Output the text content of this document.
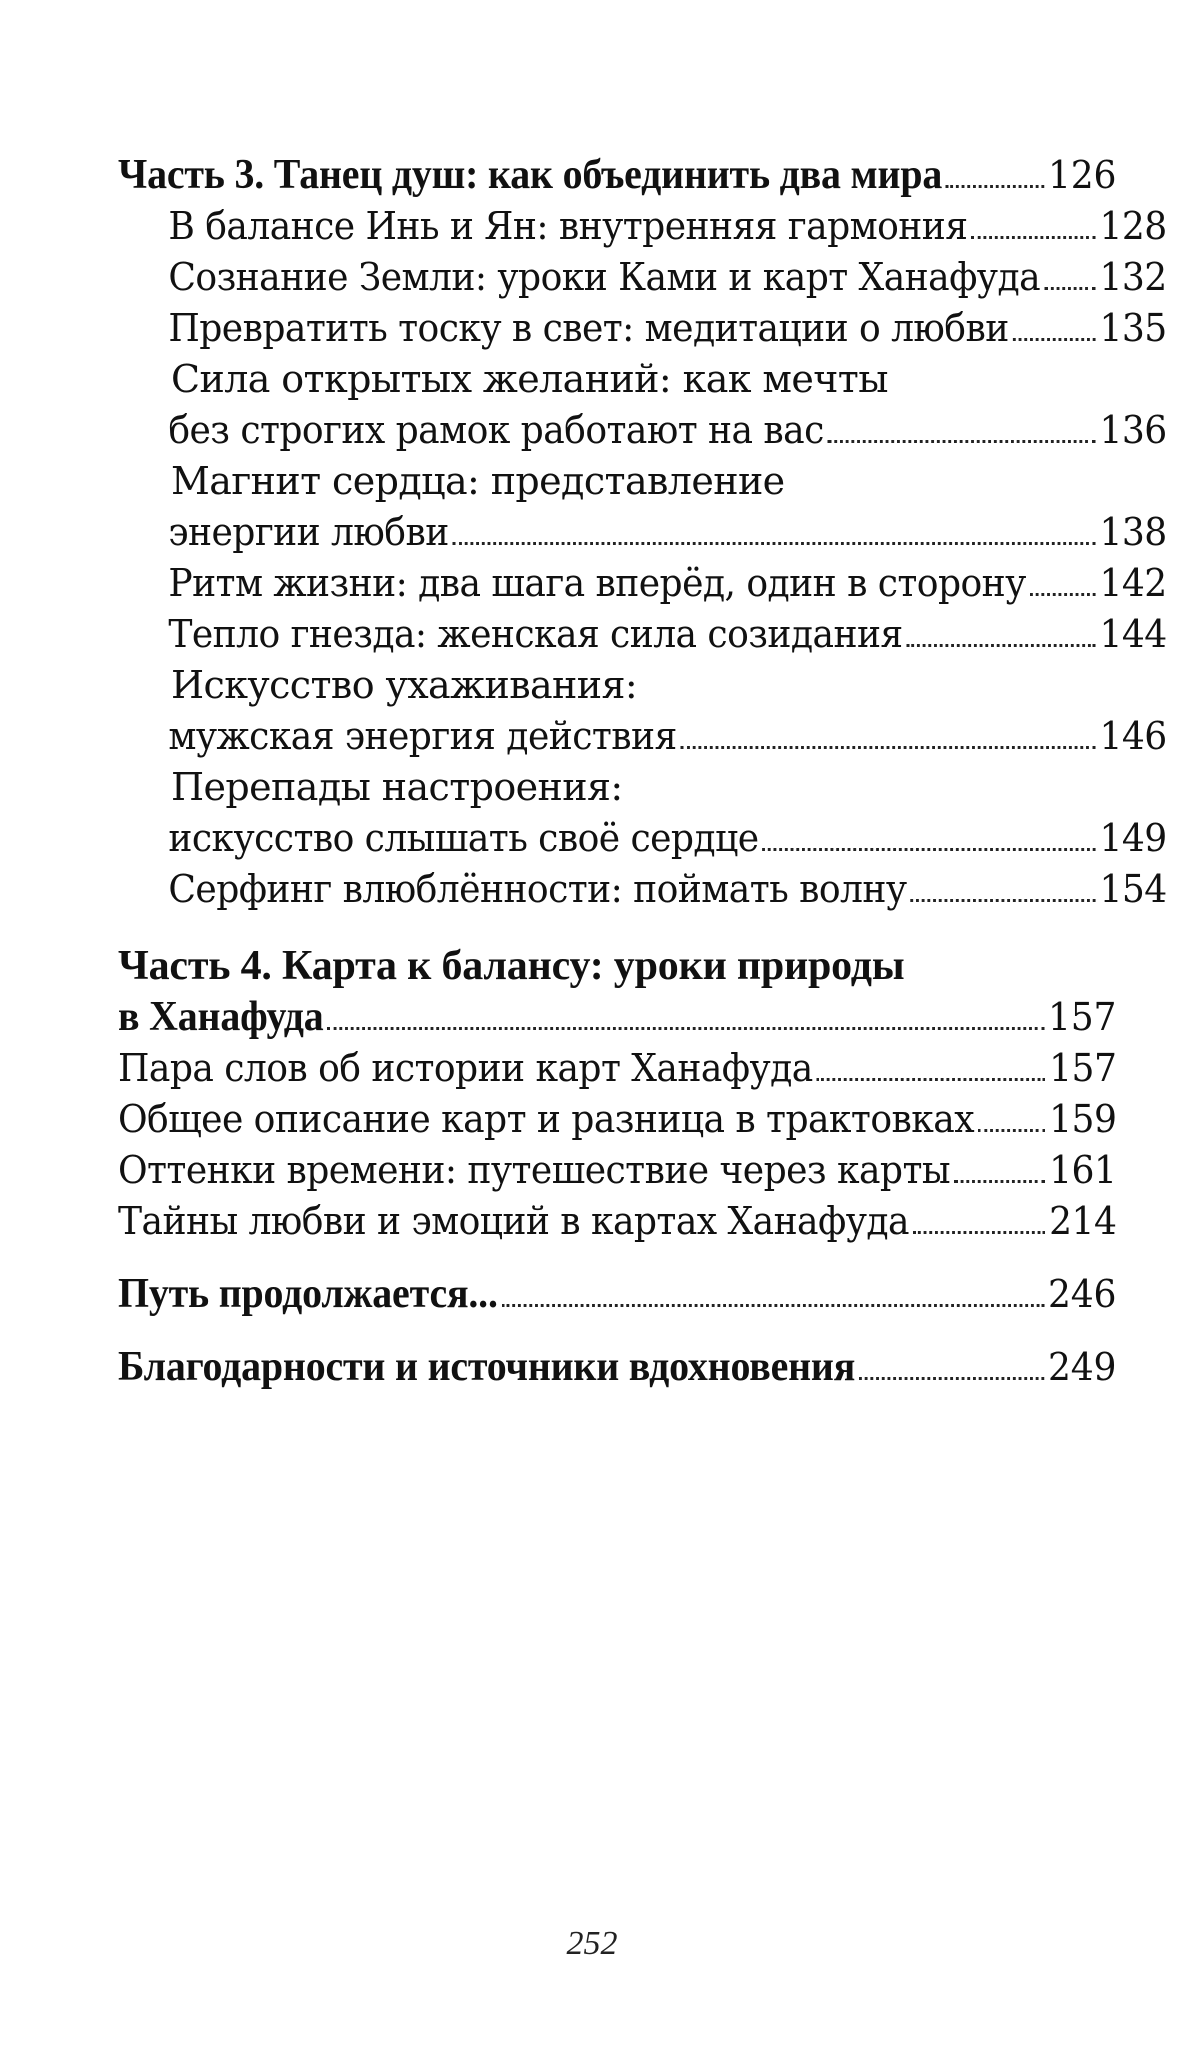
Часть 3. Танец душ: как объединить два мира	126
В балансе Инь и Ян: внутренняя гармония	128
Сознание Земли: уроки Ками и карт Ханафуда 132
Превратить тоску в свет: медитации о любви 135
Сила открытых желаний: как мечты
без строгих рамок работают на вас	136
Магнит сердца: представление
энергии любви	138
Ритм жизни: два шага вперёд, один в сторону 142
Тепло гнезда: женская сила созидания	144
Искусство ухаживания:
мужская энергия действия	146
Перепады настроения:
искусство слышать своё сердце	149
Серфинг влюблённости: поймать волну	154
Часть 4. Карта к балансу: уроки природы
в Ханафуда	157
Пара слов об истории карт Ханафуда	157
Общее описание карт и разница в трактовках 159
Оттенки времени: путешествие через карты	161
Тайны любви и эмоций в картах Ханафуда	214
Путь продолжается...	246
Благодарности и источники вдохновения	249
252
